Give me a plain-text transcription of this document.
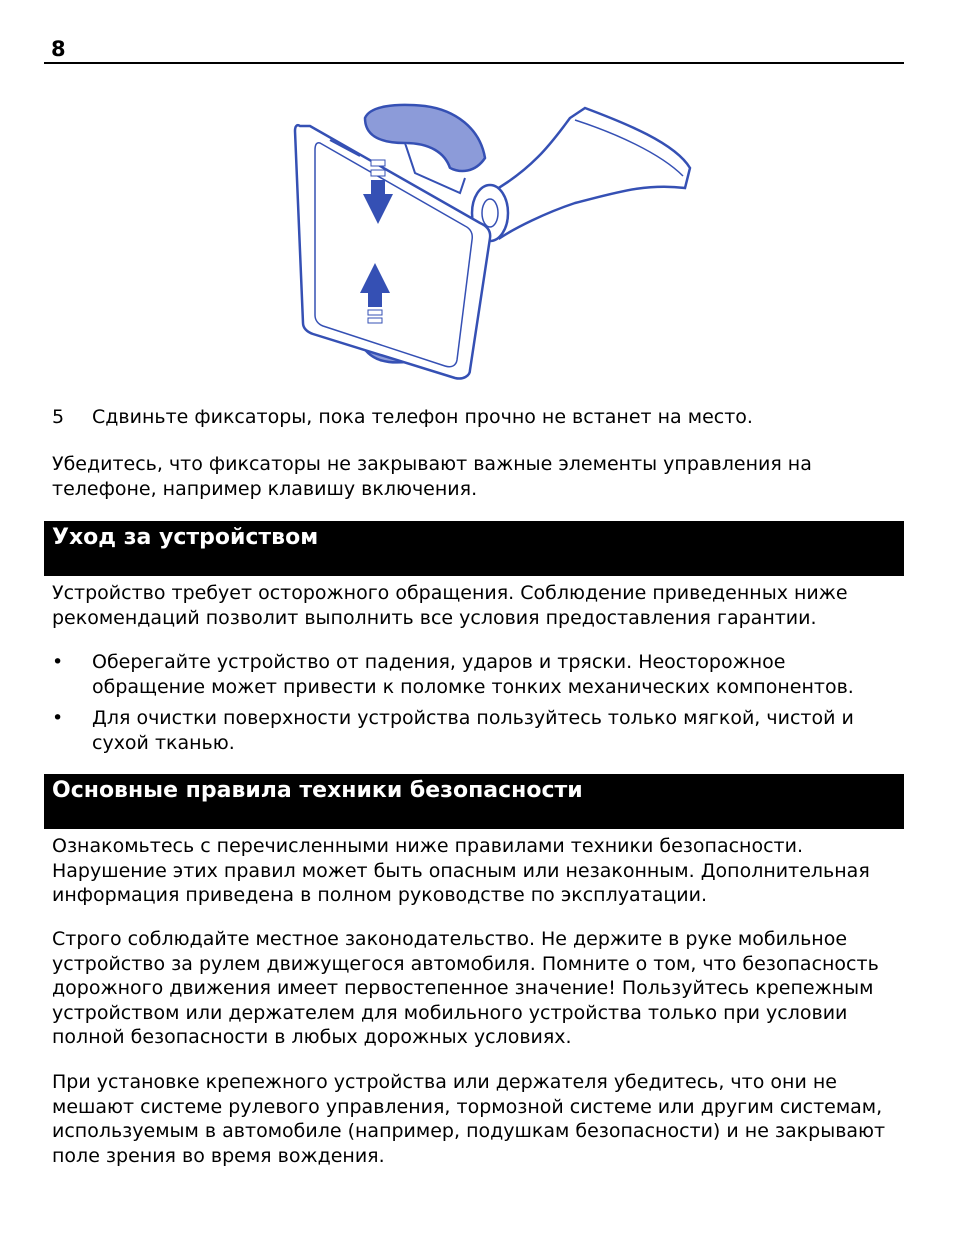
8
5 Сдвиньте фиксаторы, пока телефон прочно не встанет на место.

Убедитесь, что фиксаторы не закрывают важные элементы управления на телефоне, например клавишу включения.

Уход за устройством

Устройство требует осторожного обращения. Соблюдение приведенных ниже рекомендаций позволит выполнить все условия предоставления гарантии.

• Оберегайте устройство от падения, ударов и тряски. Неосторожное обращение может привести к поломке тонких механических компонентов.
• Для очистки поверхности устройства пользуйтесь только мягкой, чистой и сухой тканью.
Основные правила техники безопасности

Ознакомьтесь с перечисленными ниже правилами техники безопасности. Нарушение этих правил может быть опасным или незаконным. Дополнительная информация приведена в полном руководстве по эксплуатации.

Строго соблюдайте местное законодательство. Не держите в руке мобильное устройство за рулем движущегося автомобиля. Помните о том, что безопасность дорожного движения имеет первостепенное значение! Пользуйтесь крепежным устройством или держателем для мобильного устройства только при условии полной безопасности в любых дорожных условиях.

При установке крепежного устройства или держателя убедитесь, что они не мешают системе рулевого управления, тормозной системе или другим системам, используемым в автомобиле (например, подушкам безопасности) и не закрывают поле зрения во время вождения.
